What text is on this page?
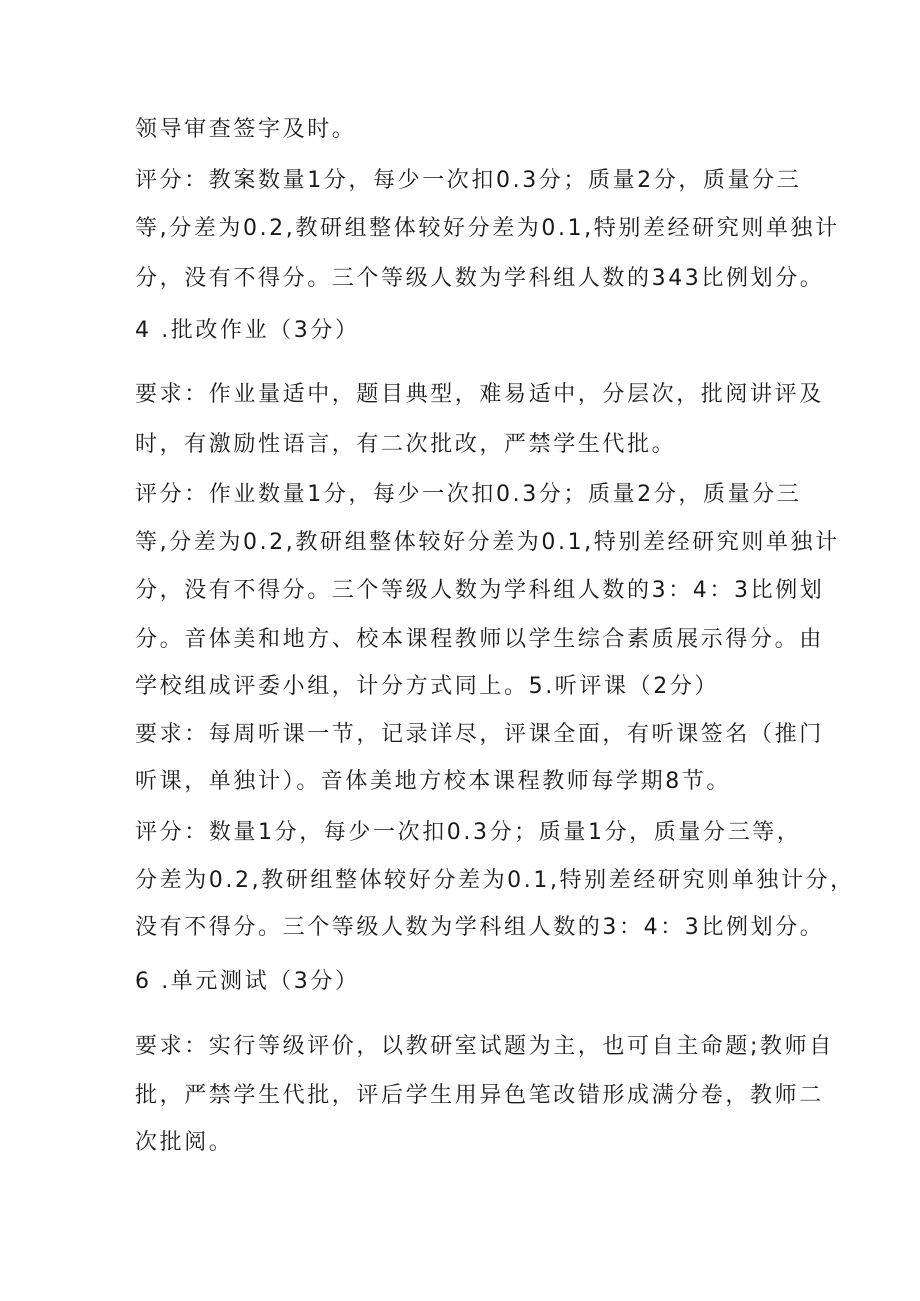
领导审查签字及时。
评分：教案数量1分，每少一次扣0.3分；质量2分，质量分三
等,分差为0.2,教研组整体较好分差为0.1,特别差经研究则单独计
分，没有不得分。三个等级人数为学科组人数的343比例划分。
4 .批改作业（3分）
要求：作业量适中，题目典型，难易适中，分层次，批阅讲评及
时，有激励性语言，有二次批改，严禁学生代批。
评分：作业数量1分，每少一次扣0.3分；质量2分，质量分三
等,分差为0.2,教研组整体较好分差为0.1,特别差经研究则单独计
分，没有不得分。三个等级人数为学科组人数的3：4：3比例划
分。音体美和地方、校本课程教师以学生综合素质展示得分。由
学校组成评委小组，计分方式同上。5.听评课（2分）
要求：每周听课一节，记录详尽，评课全面，有听课签名（推门
听课，单独计）。音体美地方校本课程教师每学期8节。
评分：数量1分，每少一次扣0.3分；质量1分，质量分三等，
分差为0.2,教研组整体较好分差为0.1,特别差经研究则单独计分，
没有不得分。三个等级人数为学科组人数的3：4：3比例划分。
6 .单元测试（3分）
要求：实行等级评价，以教研室试题为主，也可自主命题;教师自
批，严禁学生代批，评后学生用异色笔改错形成满分卷，教师二
次批阅。
